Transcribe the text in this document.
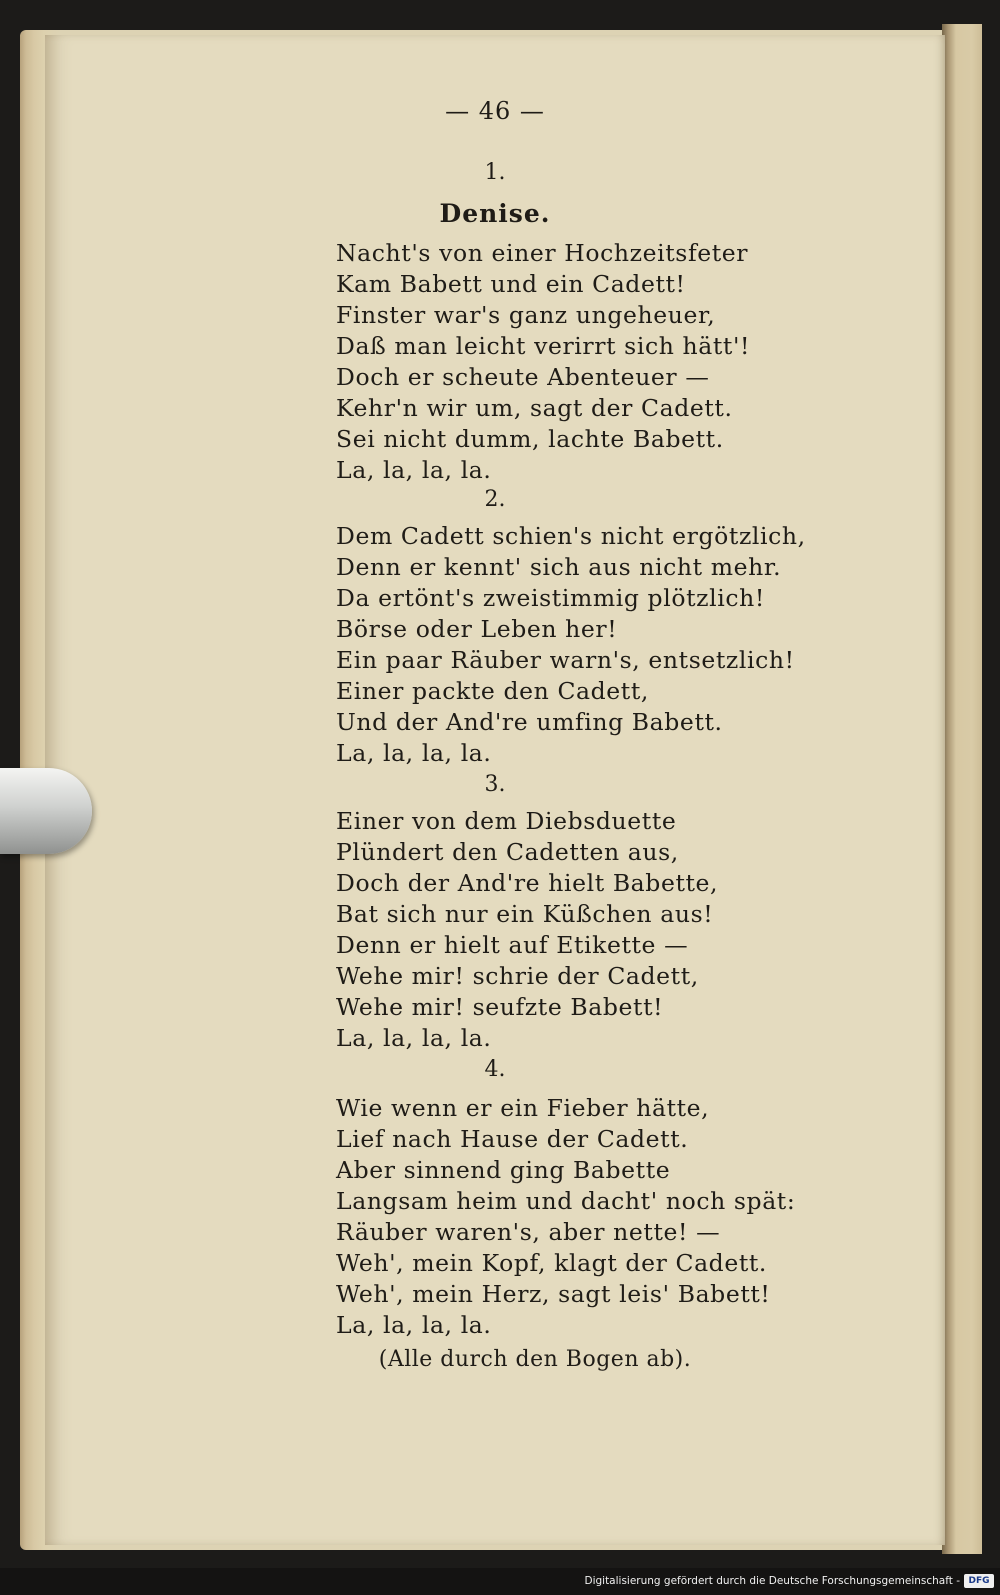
— 46 —
1.
Denise.
Nacht's von einer Hochzeitsfeter
Kam Babett und ein Cadett!
Finster war's ganz ungeheuer,
Daß man leicht verirrt sich hätt'!
Doch er scheute Abenteuer —
Kehr'n wir um, sagt der Cadett.
Sei nicht dumm, lachte Babett.
La, la, la, la.
2.
Dem Cadett schien's nicht ergötzlich,
Denn er kennt' sich aus nicht mehr.
Da ertönt's zweistimmig plötzlich!
Börse oder Leben her!
Ein paar Räuber warn's, entsetzlich!
Einer packte den Cadett,
Und der And're umfing Babett.
La, la, la, la.
3.
Einer von dem Diebsduette
Plündert den Cadetten aus,
Doch der And're hielt Babette,
Bat sich nur ein Küßchen aus!
Denn er hielt auf Etikette —
Wehe mir! schrie der Cadett,
Wehe mir! seufzte Babett!
La, la, la, la.
4.
Wie wenn er ein Fieber hätte,
Lief nach Hause der Cadett.
Aber sinnend ging Babette
Langsam heim und dacht' noch spät:
Räuber waren's, aber nette! —
Weh', mein Kopf, klagt der Cadett.
Weh', mein Herz, sagt leis' Babett!
La, la, la, la.
(Alle durch den Bogen ab).
Digitalisierung gefördert durch die Deutsche Forschungsgemeinschaft - DFG
